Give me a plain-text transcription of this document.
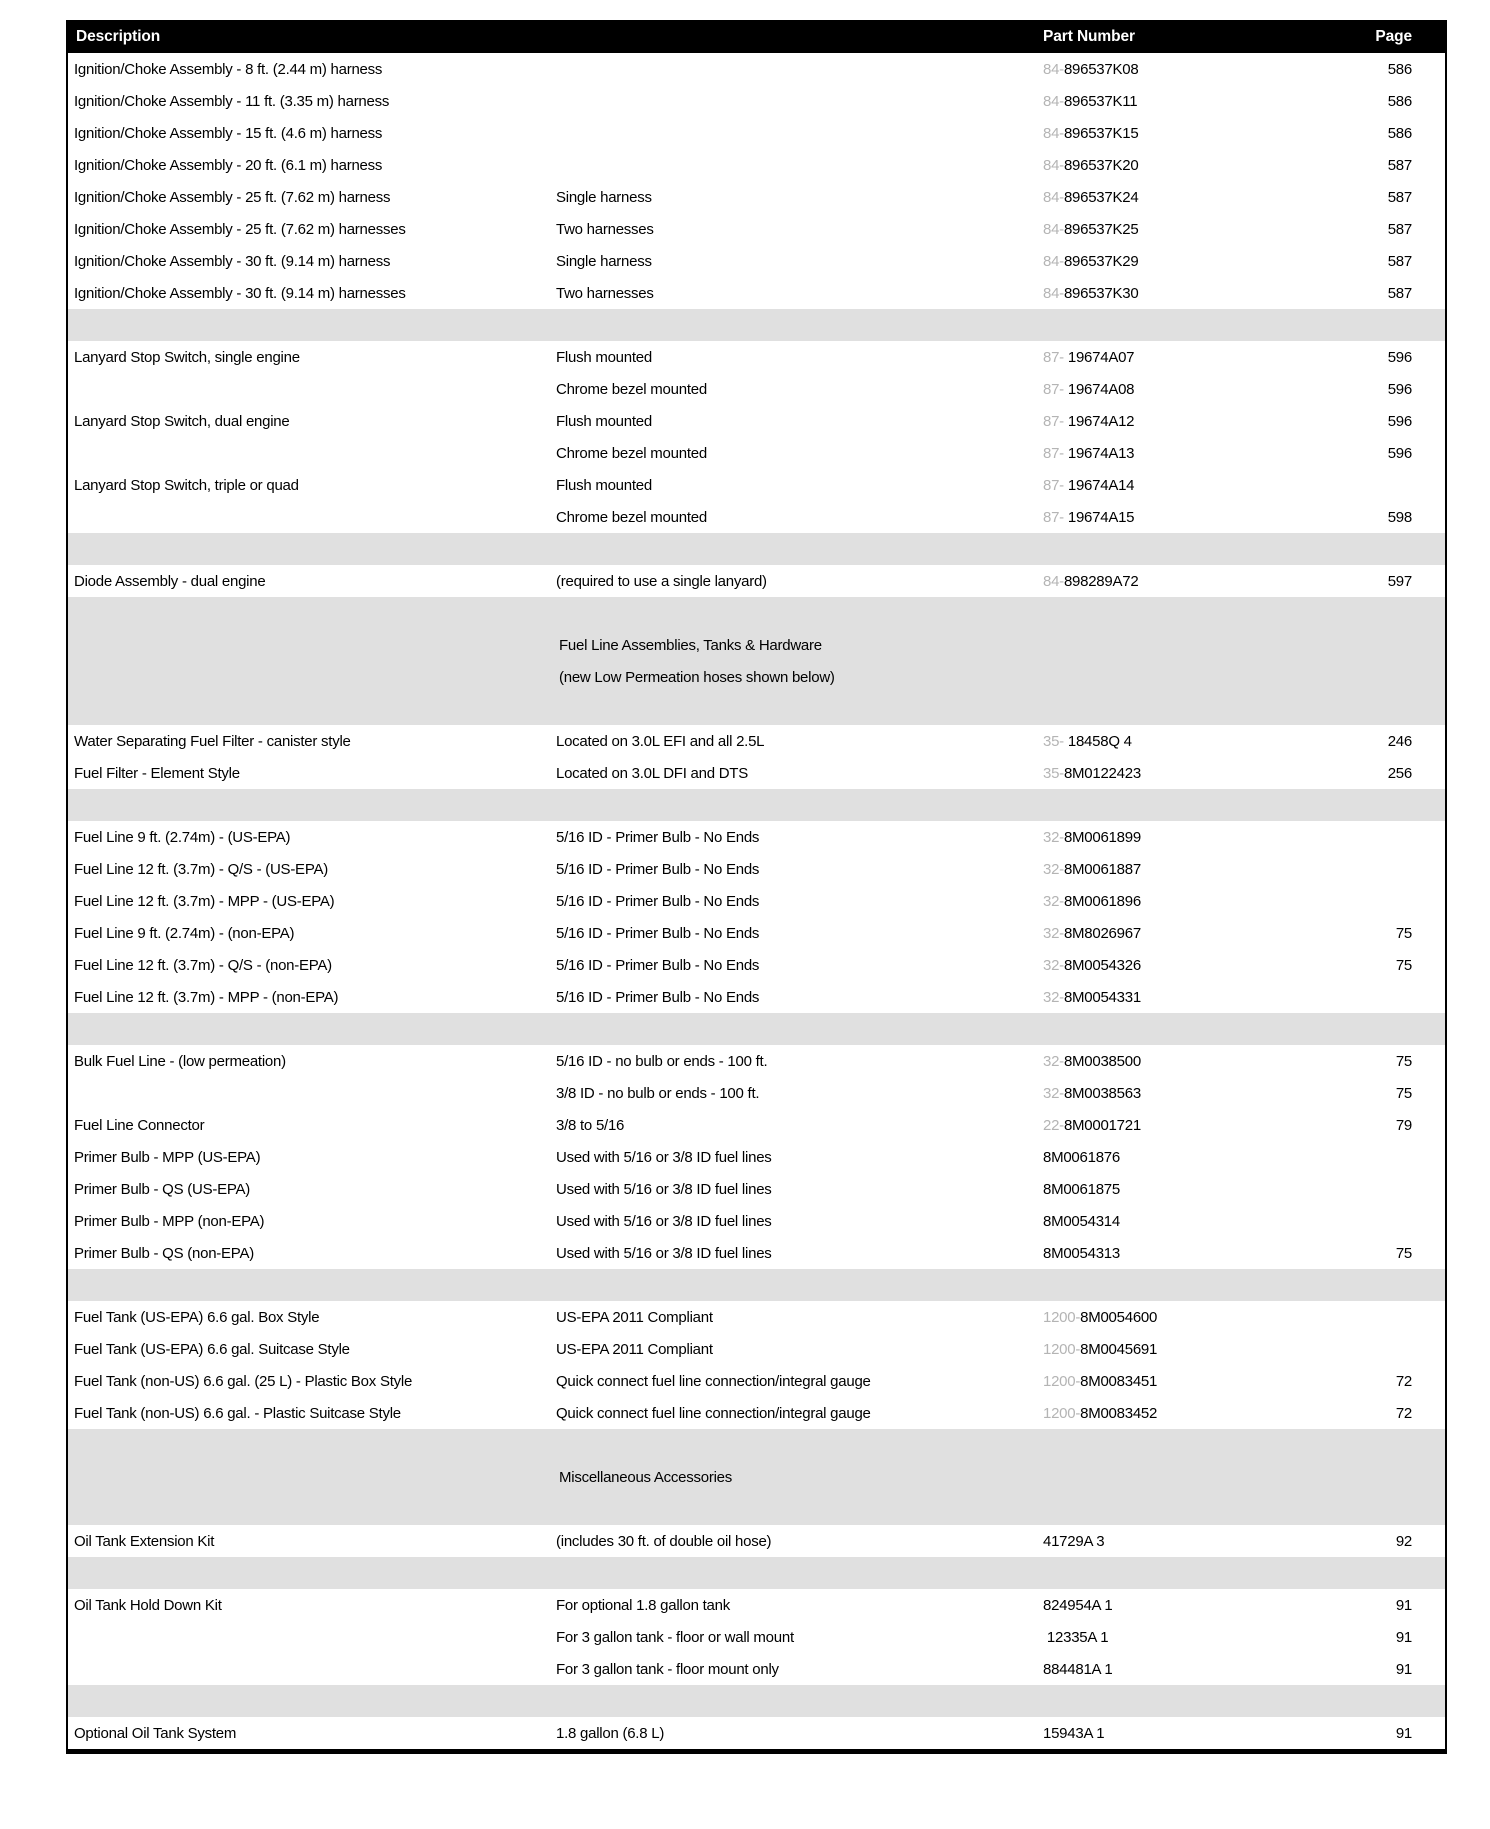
Description		Part Number	Page
Ignition/Choke Assembly - 8 ft. (2.44 m) harness		84-896537K08	586
Ignition/Choke Assembly - 11 ft. (3.35 m) harness		84-896537K11	586
Ignition/Choke Assembly - 15 ft. (4.6 m) harness		84-896537K15	586
Ignition/Choke Assembly - 20 ft. (6.1 m) harness		84-896537K20	587
Ignition/Choke Assembly - 25 ft. (7.62 m) harness	Single harness	84-896537K24	587
Ignition/Choke Assembly - 25 ft. (7.62 m) harnesses	Two harnesses	84-896537K25	587
Ignition/Choke Assembly - 30 ft. (9.14 m) harness	Single harness	84-896537K29	587
Ignition/Choke Assembly - 30 ft. (9.14 m) harnesses	Two harnesses	84-896537K30	587

Lanyard Stop Switch, single engine	Flush mounted	87- 19674A07	596
	Chrome bezel mounted	87- 19674A08	596
Lanyard Stop Switch, dual engine	Flush mounted	87- 19674A12	596
	Chrome bezel mounted	87- 19674A13	596
Lanyard Stop Switch, triple or quad	Flush mounted	87- 19674A14	
	Chrome bezel mounted	87- 19674A15	598

Diode Assembly - dual engine	(required to use a single lanyard)	84-898289A72	597

Fuel Line Assemblies, Tanks & Hardware			

(new Low Permeation hoses shown below)			

Water Separating Fuel Filter - canister style	Located on 3.0L EFI and all 2.5L	35- 18458Q 4	246
Fuel Filter - Element Style	Located on 3.0L DFI and DTS	35-8M0122423	256

Fuel Line 9 ft. (2.74m) - (US-EPA)	5/16 ID - Primer Bulb - No Ends	32-8M0061899	
Fuel Line 12 ft. (3.7m) - Q/S - (US-EPA)	5/16 ID - Primer Bulb - No Ends	32-8M0061887	
Fuel Line 12 ft. (3.7m) - MPP - (US-EPA)	5/16 ID - Primer Bulb - No Ends	32-8M0061896	
Fuel Line 9 ft. (2.74m) - (non-EPA)	5/16 ID - Primer Bulb - No Ends	32-8M8026967	75
Fuel Line 12 ft. (3.7m) - Q/S - (non-EPA)	5/16 ID - Primer Bulb - No Ends	32-8M0054326	75
Fuel Line 12 ft. (3.7m) - MPP - (non-EPA)	5/16 ID - Primer Bulb - No Ends	32-8M0054331	

Bulk Fuel Line - (low permeation)	5/16 ID - no bulb or ends - 100 ft.	32-8M0038500	75
	3/8 ID - no bulb or ends - 100 ft.	32-8M0038563	75
Fuel Line Connector	3/8 to 5/16	22-8M0001721	79
Primer Bulb - MPP (US-EPA)	Used with 5/16 or 3/8 ID fuel lines	8M0061876	
Primer Bulb - QS (US-EPA)	Used with 5/16 or 3/8 ID fuel lines	8M0061875	
Primer Bulb - MPP (non-EPA)	Used with 5/16 or 3/8 ID fuel lines	8M0054314	
Primer Bulb - QS (non-EPA)	Used with 5/16 or 3/8 ID fuel lines	8M0054313	75

Fuel Tank (US-EPA) 6.6 gal. Box Style	US-EPA 2011 Compliant	1200-8M0054600	
Fuel Tank (US-EPA) 6.6 gal. Suitcase Style	US-EPA 2011 Compliant	1200-8M0045691	
Fuel Tank (non-US) 6.6 gal. (25 L) - Plastic Box Style	Quick connect fuel line connection/integral gauge	1200-8M0083451	72
Fuel Tank (non-US) 6.6 gal. - Plastic Suitcase Style	Quick connect fuel line connection/integral gauge	1200-8M0083452	72

Miscellaneous Accessories			

Oil Tank Extension Kit	(includes 30 ft. of double oil hose)	41729A 3	92

Oil Tank Hold Down Kit	For optional 1.8 gallon tank	824954A 1	91
	For 3 gallon tank - floor or wall mount	12335A 1	91
	For 3 gallon tank - floor mount only	884481A 1	91

Optional Oil Tank System	1.8 gallon (6.8 L)	15943A 1	91
